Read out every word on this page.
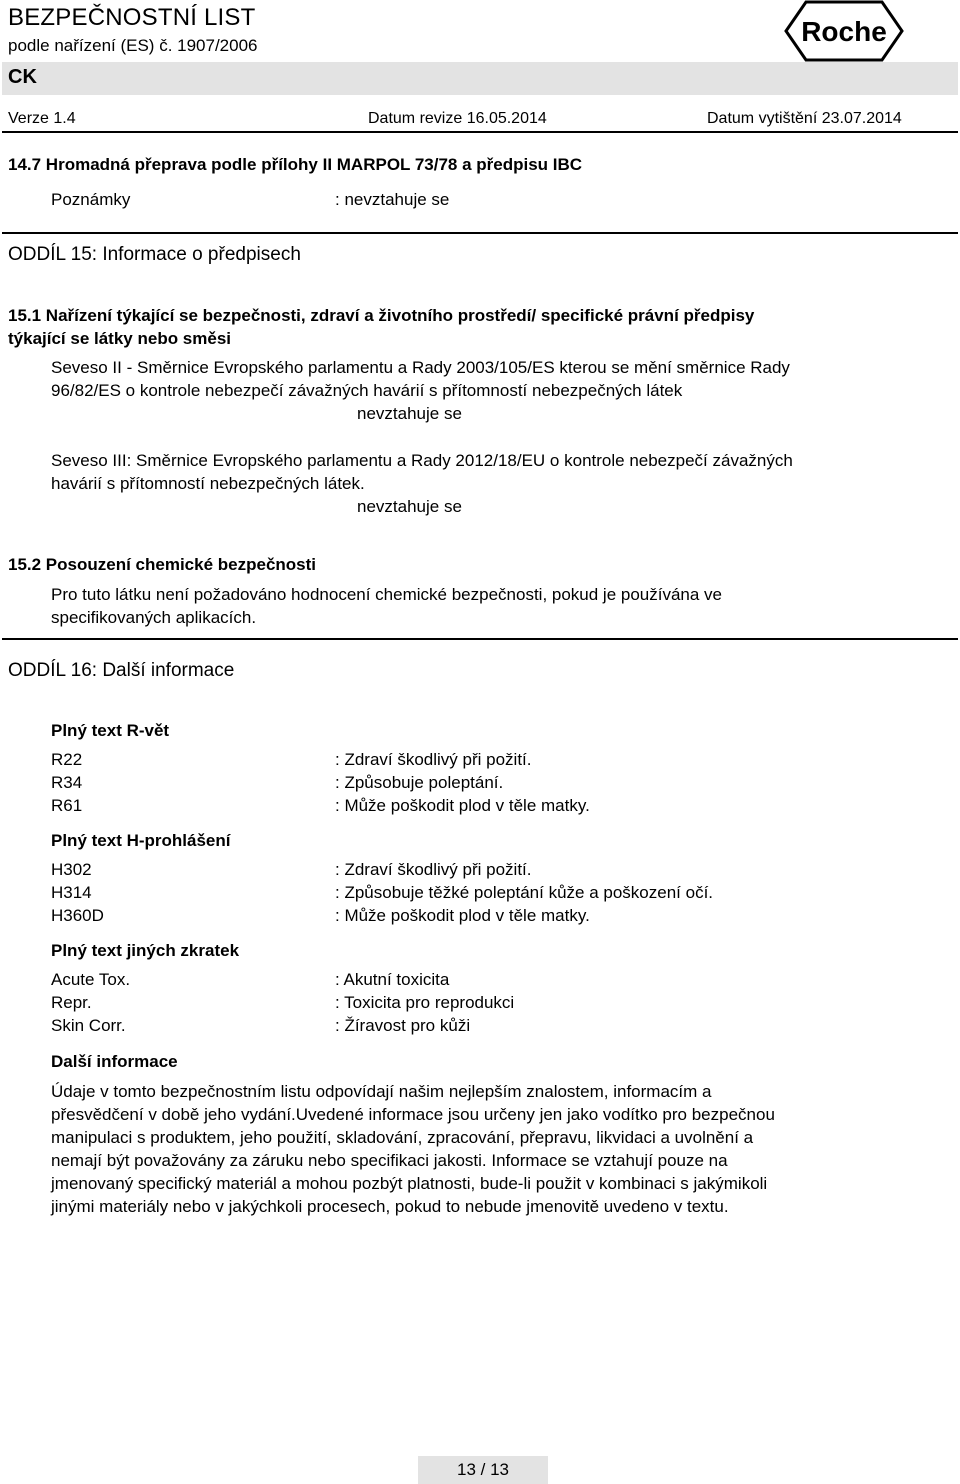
BEZPEČNOSTNÍ LIST
podle nařízení (ES) č. 1907/2006	Roche
CK
Verze 1.4	Datum revize 16.05.2014	Datum vytištění 23.07.2014
14.7 Hromadná přeprava podle přílohy II MARPOL 73/78 a předpisu IBC
Poznámky	: nevztahuje se
ODDÍL 15: Informace o předpisech
15.1 Nařízení týkající se bezpečnosti, zdraví a životního prostředí/ specifické právní předpisy
týkající se látky nebo směsi
Seveso II - Směrnice Evropského parlamentu a Rady 2003/105/ES kterou se mění směrnice Rady
96/82/ES o kontrole nebezpečí závažných havárií s přítomností nebezpečných látek
nevztahuje se
Seveso III: Směrnice Evropského parlamentu a Rady 2012/18/EU o kontrole nebezpečí závažných
havárií s přítomností nebezpečných látek.
nevztahuje se
15.2 Posouzení chemické bezpečnosti
Pro tuto látku není požadováno hodnocení chemické bezpečnosti, pokud je používána ve
specifikovaných aplikacích.
ODDÍL 16: Další informace
Plný text R-vět
R22	: Zdraví škodlivý při požití.
R34	: Způsobuje poleptání.
R61	: Může poškodit plod v těle matky.
Plný text H-prohlášení
H302	: Zdraví škodlivý při požití.
H314	: Způsobuje těžké poleptání kůže a poškození očí.
H360D	: Může poškodit plod v těle matky.
Plný text jiných zkratek
Acute Tox.	: Akutní toxicita
Repr.	: Toxicita pro reprodukci
Skin Corr.	: Žíravost pro kůži
Další informace
Údaje v tomto bezpečnostním listu odpovídají našim nejlepším znalostem, informacím a
přesvědčení v době jeho vydání.Uvedené informace jsou určeny jen jako vodítko pro bezpečnou
manipulaci s produktem, jeho použití, skladování, zpracování, přepravu, likvidaci a uvolnění a
nemají být považovány za záruku nebo specifikaci jakosti. Informace se vztahují pouze na
jmenovaný specifický materiál a mohou pozbýt platnosti, bude-li použit v kombinaci s jakýmikoli
jinými materiály nebo v jakýchkoli procesech, pokud to nebude jmenovitě uvedeno v textu.
13 / 13
